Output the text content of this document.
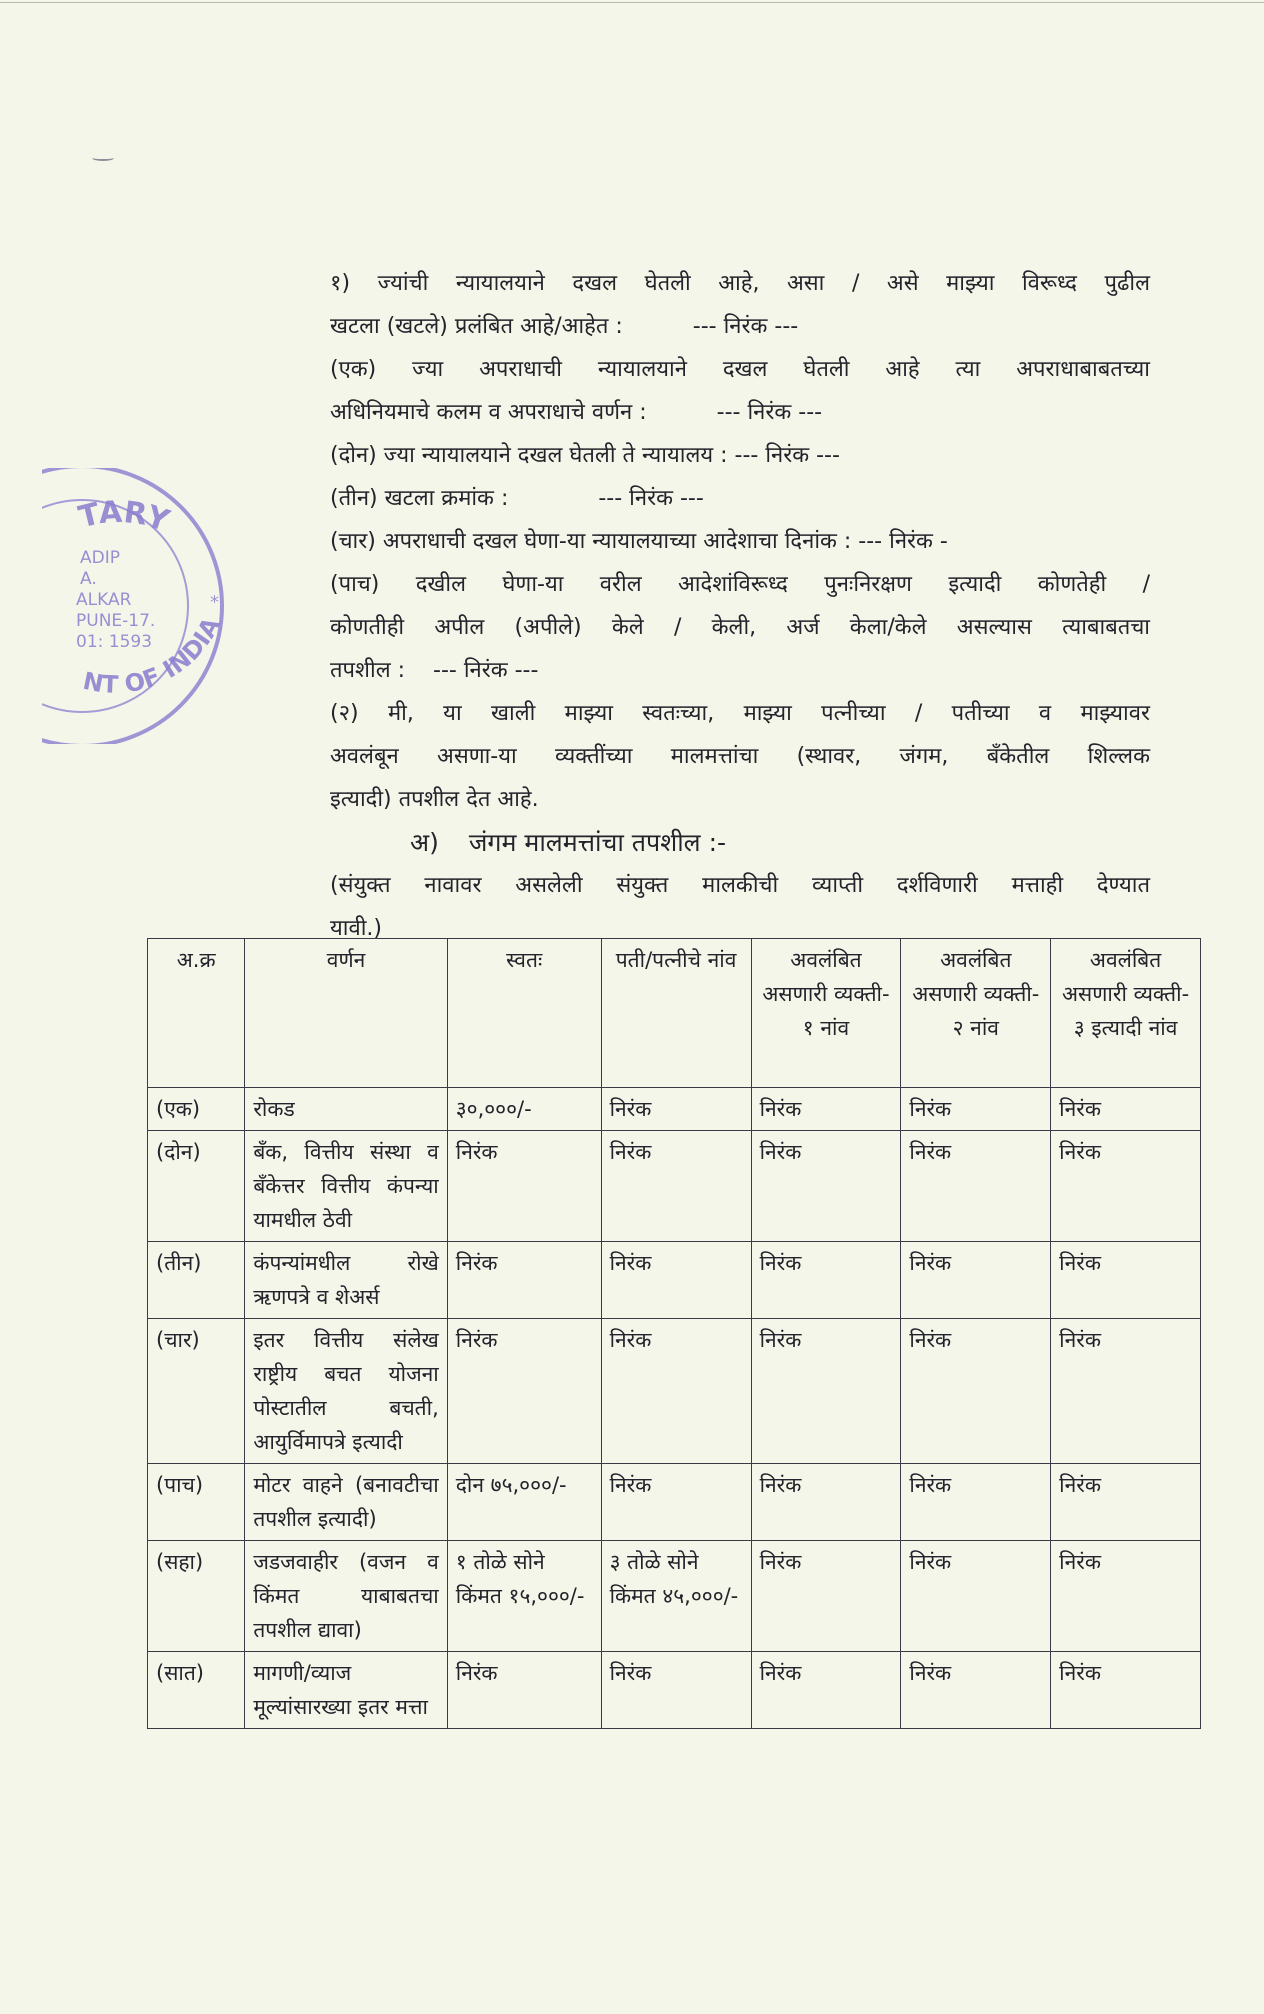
TARY
NT OF INDIA
*
ADIP
A.
ALKAR
PUNE-17.
01: 1593

१) ज्यांची न्यायालयाने दखल घेतली आहे, असा / असे माझ्या विरूध्द पुढील

खटला (खटले) प्रलंबित आहे/आहेत :	--- निरंक ---

(एक) ज्या अपराधाची न्यायालयाने दखल घेतली आहे त्या अपराधाबाबतच्या

अधिनियमाचे कलम व अपराधाचे वर्णन :	--- निरंक ---

(दोन) ज्या न्यायालयाने दखल घेतली ते न्यायालय : --- निरंक ---

(तीन) खटला क्रमांक :	--- निरंक ---

(चार) अपराधाची दखल घेणा-या न्यायालयाच्या आदेशाचा दिनांक : --- निरंक -

(पाच) दखील घेणा-या वरील आदेशांविरूध्द पुनःनिरक्षण इत्यादी कोणतेही /

कोणतीही अपील (अपीले) केले / केली, अर्ज केला/केले असल्यास त्याबाबतचा

तपशील : --- निरंक ---

(२) मी, या खाली माझ्या स्वतःच्या, माझ्या पत्नीच्या / पतीच्या व माझ्यावर

अवलंबून असणा-या व्यक्तींच्या मालमत्तांचा (स्थावर, जंगम, बँकेतील शिल्लक

इत्यादी) तपशील देत आहे.

अ) जंगम मालमत्तांचा तपशील :-

(संयुक्त नावावर असलेली संयुक्त मालकीची व्याप्ती दर्शविणारी मत्ताही देण्यात

यावी.)

अ.क्र	वर्णन	स्वतः	पती/पत्नीचे नांव	अवलंबित असणारी व्यक्ती- १ नांव	अवलंबित असणारी व्यक्ती- २ नांव	अवलंबित असणारी व्यक्ती- ३ इत्यादी नांव
(एक)	रोकड	३०,०००/-	निरंक	निरंक	निरंक	निरंक
(दोन)	बँक, वित्तीय संस्था व बँकेत्तर वित्तीय कंपन्या यामधील ठेवी	निरंक	निरंक	निरंक	निरंक	निरंक
(तीन)	कंपन्यांमधील रोखे ऋणपत्रे व शेअर्स	निरंक	निरंक	निरंक	निरंक	निरंक
(चार)	इतर वित्तीय संलेख राष्ट्रीय बचत योजना पोस्टातील बचती, आयुर्विमापत्रे इत्यादी	निरंक	निरंक	निरंक	निरंक	निरंक
(पाच)	मोटर वाहने (बनावटीचा तपशील इत्यादी)	दोन ७५,०००/-	निरंक	निरंक	निरंक	निरंक
(सहा)	जडजवाहीर (वजन व किंमत याबाबतचा तपशील द्यावा)	१ तोळे सोने किंमत १५,०००/-	३ तोळे सोने किंमत ४५,०००/-	निरंक	निरंक	निरंक
(सात)	मागणी/व्याज मूल्यांसारख्या इतर मत्ता	निरंक	निरंक	निरंक	निरंक	निरंक
